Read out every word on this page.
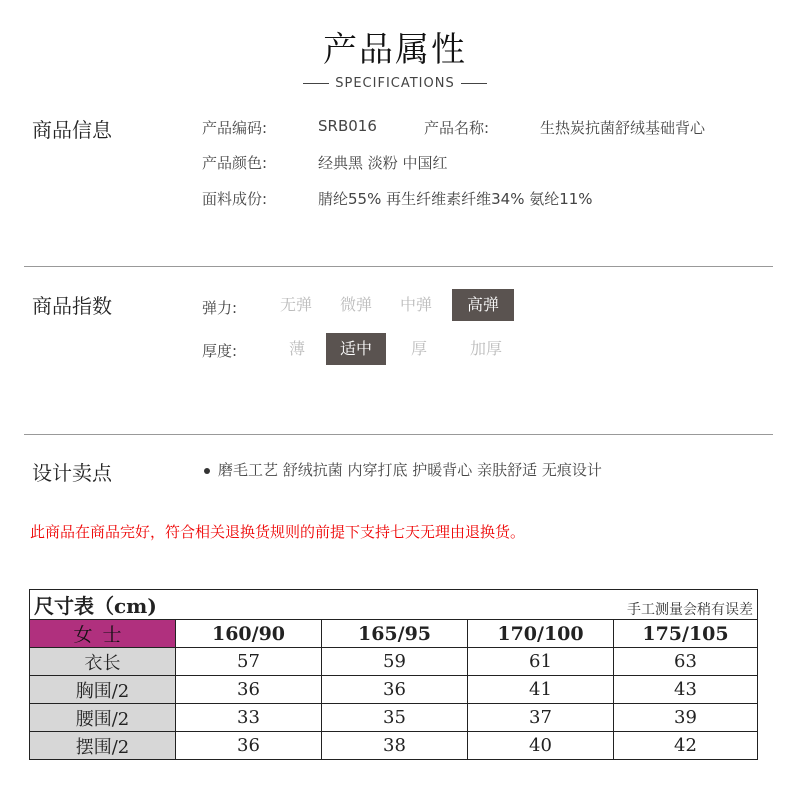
产品属性
SPECIFICATIONS
商品信息	产品编码:	SRB016	产品名称:	生热炭抗菌舒绒基础背心
产品颜色:	经典黑 淡粉 中国红
面料成份:	腈纶55% 再生纤维素纤维34% 氨纶11%
商品指数	弹力:	无弹	微弹	中弹	高弹
厚度:	薄	适中	厚	加厚
设计卖点	磨毛工艺 舒绒抗菌 内穿打底 护暖背心 亲肤舒适 无痕设计
此商品在商品完好，符合相关退换货规则的前提下支持七天无理由退换货。
尺寸表（cm)		手工测量会稍有误差		
女士	160/90	165/95	170/100	175/105
衣长	57	59	61	63
胸围/2	36	36	41	43
腰围/2	33	35	37	39
摆围/2	36	38	40	42
